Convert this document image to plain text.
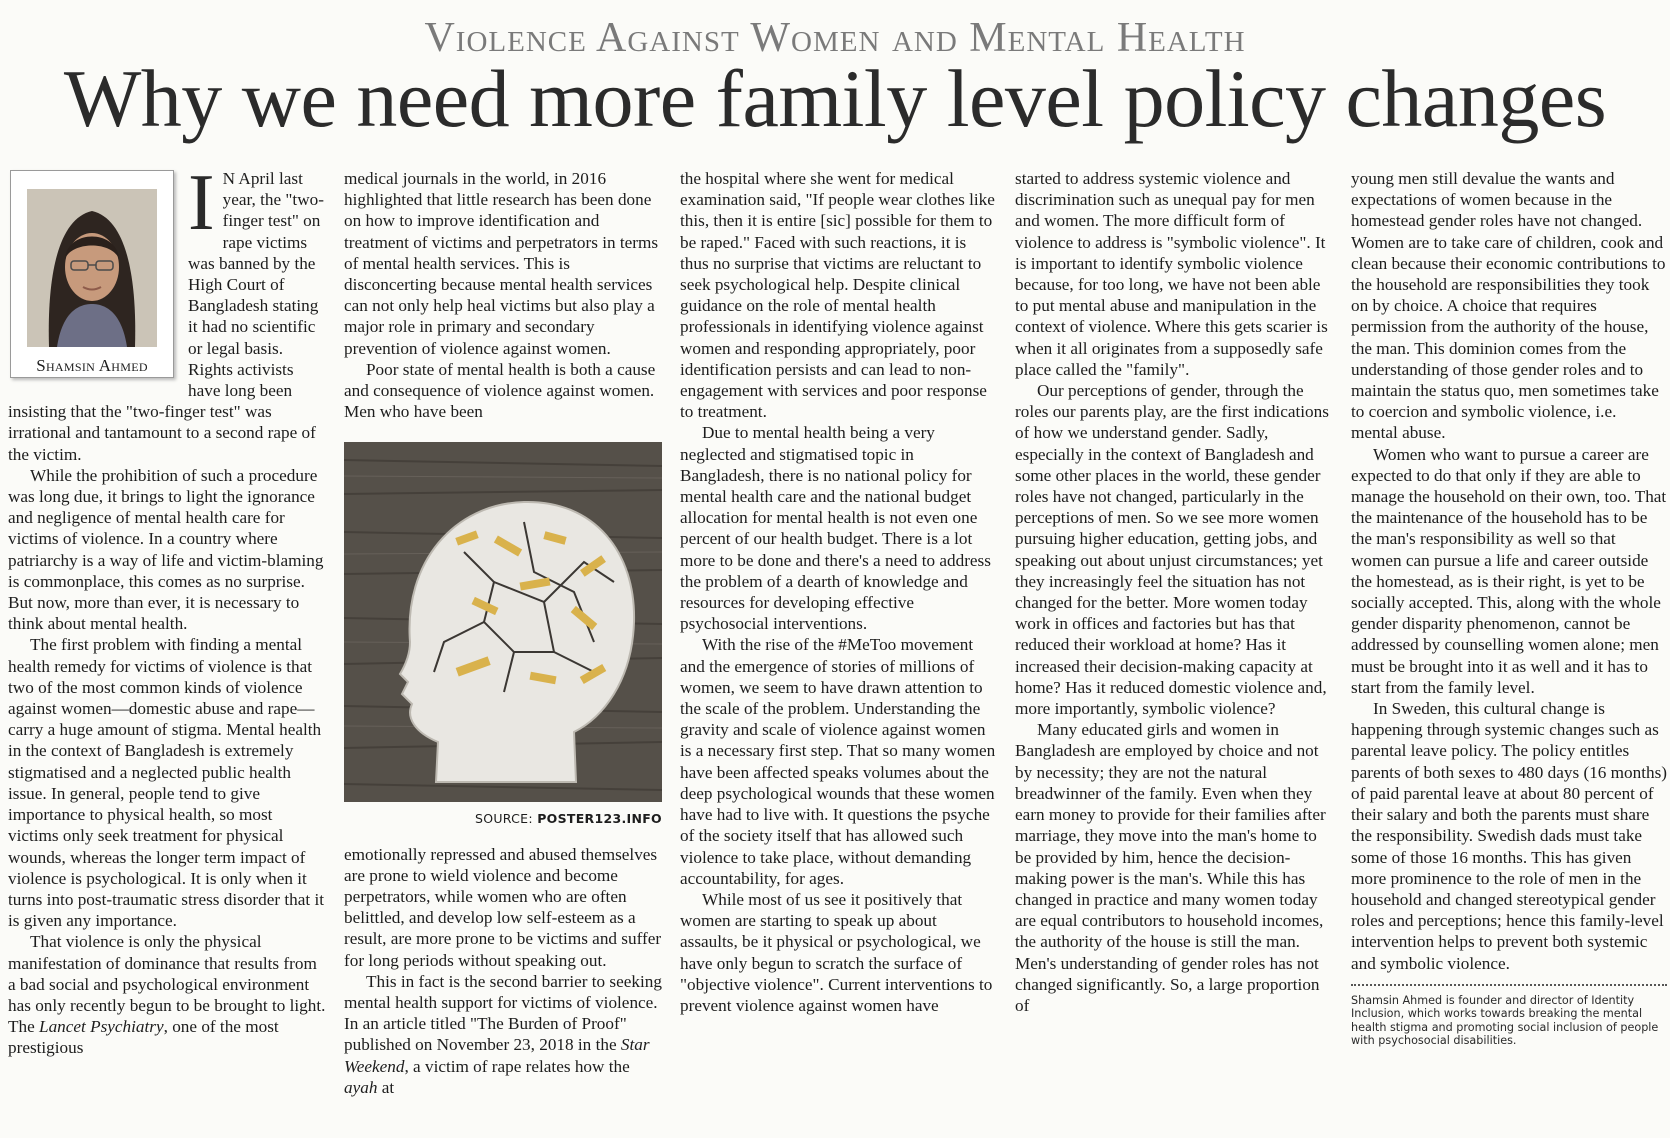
Violence Against Women and Mental Health
Why we need more family level policy changes
Shamsin Ahmed

I N April last year, the "two-finger test" on rape victims was banned by the High Court of Bangladesh stating it had no scientific or legal basis. Rights activists have long been insisting that the "two-finger test" was irrational and tantamount to a second rape of the victim.

While the prohibition of such a procedure was long due, it brings to light the ignorance and negligence of mental health care for victims of violence. In a country where patriarchy is a way of life and victim-blaming is commonplace, this comes as no surprise. But now, more than ever, it is necessary to think about mental health.

The first problem with finding a mental health remedy for victims of violence is that two of the most common kinds of violence against women—domestic abuse and rape—carry a huge amount of stigma. Mental health in the context of Bangladesh is extremely stigmatised and a neglected public health issue. In general, people tend to give importance to physical health, so most victims only seek treatment for physical wounds, whereas the longer term impact of violence is psychological. It is only when it turns into post-traumatic stress disorder that it is given any importance.

That violence is only the physical manifestation of dominance that results from a bad social and psychological environment has only recently begun to be brought to light. The Lancet Psychiatry, one of the most prestigious

medical journals in the world, in 2016 highlighted that little research has been done on how to improve identification and treatment of victims and perpetrators in terms of mental health services. This is disconcerting because mental health services can not only help heal victims but also play a major role in primary and secondary prevention of violence against women.

Poor state of mental health is both a cause and consequence of violence against women. Men who have been

SOURCE: POSTER123.INFO

emotionally repressed and abused themselves are prone to wield violence and become perpetrators, while women who are often belittled, and develop low self-esteem as a result, are more prone to be victims and suffer for long periods without speaking out.

This in fact is the second barrier to seeking mental health support for victims of violence. In an article titled "The Burden of Proof" published on November 23, 2018 in the Star Weekend, a victim of rape relates how the ayah at

the hospital where she went for medical examination said, "If people wear clothes like this, then it is entire [sic] possible for them to be raped." Faced with such reactions, it is thus no surprise that victims are reluctant to seek psychological help. Despite clinical guidance on the role of mental health professionals in identifying violence against women and responding appropriately, poor identification persists and can lead to non-engagement with services and poor response to treatment.

Due to mental health being a very neglected and stigmatised topic in Bangladesh, there is no national policy for mental health care and the national budget allocation for mental health is not even one percent of our health budget. There is a lot more to be done and there's a need to address the problem of a dearth of knowledge and resources for developing effective psychosocial interventions.

With the rise of the #MeToo movement and the emergence of stories of millions of women, we seem to have drawn attention to the scale of the problem. Understanding the gravity and scale of violence against women is a necessary first step. That so many women have been affected speaks volumes about the deep psychological wounds that these women have had to live with. It questions the psyche of the society itself that has allowed such violence to take place, without demanding accountability, for ages.

While most of us see it positively that women are starting to speak up about assaults, be it physical or psychological, we have only begun to scratch the surface of "objective violence". Current interventions to prevent violence against women have

started to address systemic violence and discrimination such as unequal pay for men and women. The more difficult form of violence to address is "symbolic violence". It is important to identify symbolic violence because, for too long, we have not been able to put mental abuse and manipulation in the context of violence. Where this gets scarier is when it all originates from a supposedly safe place called the "family".

Our perceptions of gender, through the roles our parents play, are the first indications of how we understand gender. Sadly, especially in the context of Bangladesh and some other places in the world, these gender roles have not changed, particularly in the perceptions of men. So we see more women pursuing higher education, getting jobs, and speaking out about unjust circumstances; yet they increasingly feel the situation has not changed for the better. More women today work in offices and factories but has that reduced their workload at home? Has it increased their decision-making capacity at home? Has it reduced domestic violence and, more importantly, symbolic violence?

Many educated girls and women in Bangladesh are employed by choice and not by necessity; they are not the natural breadwinner of the family. Even when they earn money to provide for their families after marriage, they move into the man's home to be provided by him, hence the decision-making power is the man's. While this has changed in practice and many women today are equal contributors to household incomes, the authority of the house is still the man. Men's understanding of gender roles has not changed significantly. So, a large proportion of

young men still devalue the wants and expectations of women because in the homestead gender roles have not changed. Women are to take care of children, cook and clean because their economic contributions to the household are responsibilities they took on by choice. A choice that requires permission from the authority of the house, the man. This dominion comes from the understanding of those gender roles and to maintain the status quo, men sometimes take to coercion and symbolic violence, i.e. mental abuse.

Women who want to pursue a career are expected to do that only if they are able to manage the household on their own, too. That the maintenance of the household has to be the man's responsibility as well so that women can pursue a life and career outside the homestead, as is their right, is yet to be socially accepted. This, along with the whole gender disparity phenomenon, cannot be addressed by counselling women alone; men must be brought into it as well and it has to start from the family level.

In Sweden, this cultural change is happening through systemic changes such as parental leave policy. The policy entitles parents of both sexes to 480 days (16 months) of paid parental leave at about 80 percent of their salary and both the parents must share the responsibility. Swedish dads must take some of those 16 months. This has given more prominence to the role of men in the household and changed stereotypical gender roles and perceptions; hence this family-level intervention helps to prevent both systemic and symbolic violence.

Shamsin Ahmed is founder and director of Identity Inclusion, which works towards breaking the mental health stigma and promoting social inclusion of people with psychosocial disabilities.
